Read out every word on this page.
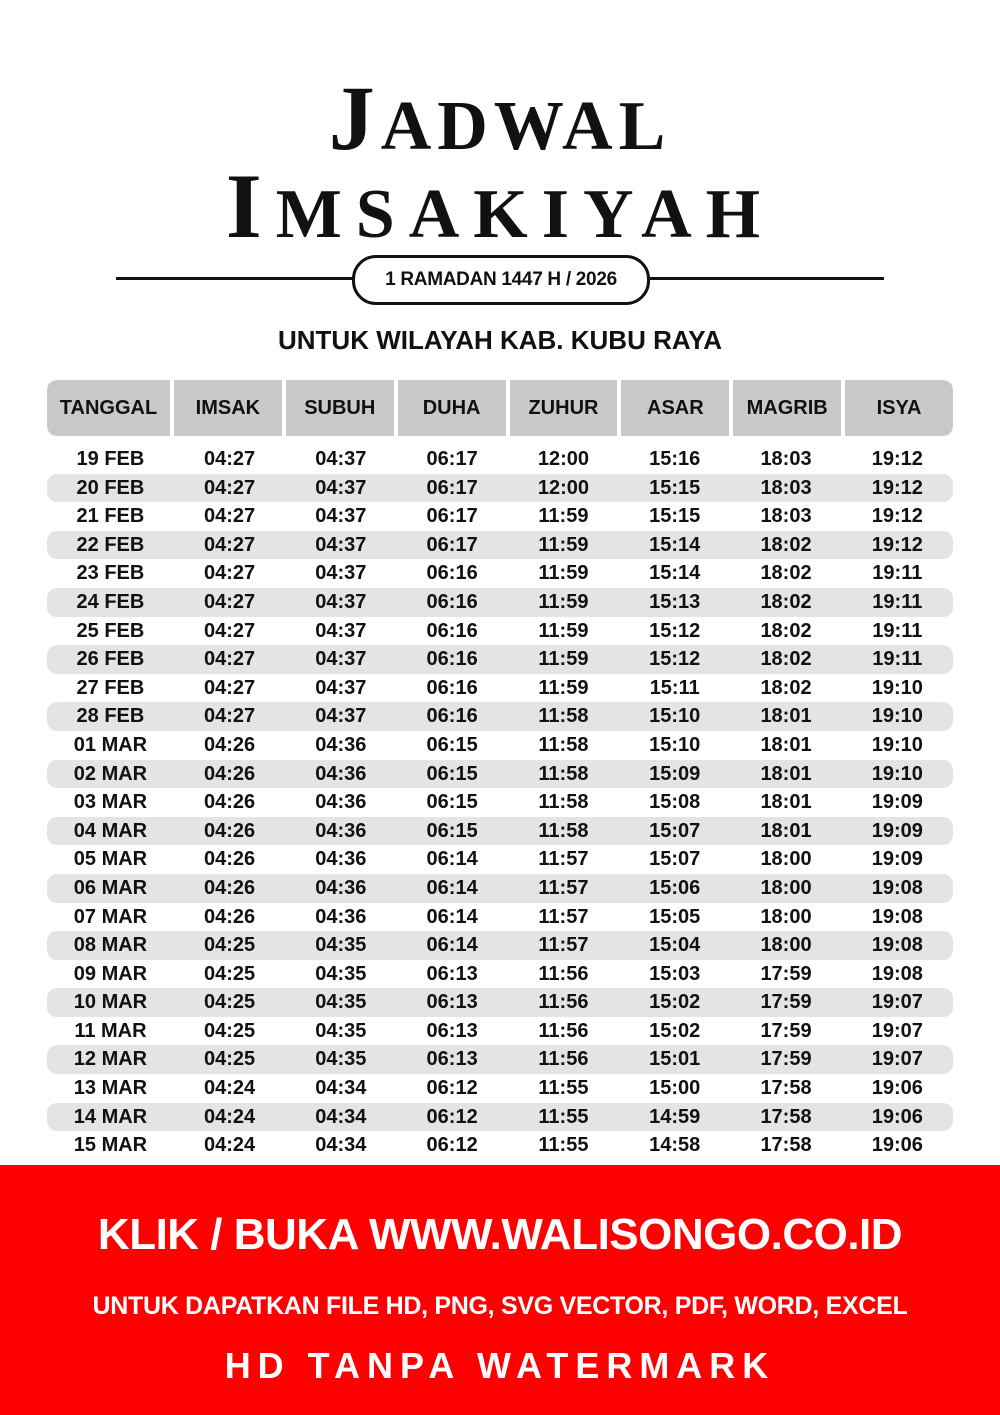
JADWAL
IMSAKIYAH
1 RAMADAN 1447 H / 2026
UNTUK WILAYAH KAB. KUBU RAYA
TANGGAL	IMSAK	SUBUH	DUHA	ZUHUR	ASAR	MAGRIB	ISYA
19 FEB	04:27	04:37	06:17	12:00	15:16	18:03	19:12
20 FEB	04:27	04:37	06:17	12:00	15:15	18:03	19:12
21 FEB	04:27	04:37	06:17	11:59	15:15	18:03	19:12
22 FEB	04:27	04:37	06:17	11:59	15:14	18:02	19:12
23 FEB	04:27	04:37	06:16	11:59	15:14	18:02	19:11
24 FEB	04:27	04:37	06:16	11:59	15:13	18:02	19:11
25 FEB	04:27	04:37	06:16	11:59	15:12	18:02	19:11
26 FEB	04:27	04:37	06:16	11:59	15:12	18:02	19:11
27 FEB	04:27	04:37	06:16	11:59	15:11	18:02	19:10
28 FEB	04:27	04:37	06:16	11:58	15:10	18:01	19:10
01 MAR	04:26	04:36	06:15	11:58	15:10	18:01	19:10
02 MAR	04:26	04:36	06:15	11:58	15:09	18:01	19:10
03 MAR	04:26	04:36	06:15	11:58	15:08	18:01	19:09
04 MAR	04:26	04:36	06:15	11:58	15:07	18:01	19:09
05 MAR	04:26	04:36	06:14	11:57	15:07	18:00	19:09
06 MAR	04:26	04:36	06:14	11:57	15:06	18:00	19:08
07 MAR	04:26	04:36	06:14	11:57	15:05	18:00	19:08
08 MAR	04:25	04:35	06:14	11:57	15:04	18:00	19:08
09 MAR	04:25	04:35	06:13	11:56	15:03	17:59	19:08
10 MAR	04:25	04:35	06:13	11:56	15:02	17:59	19:07
11 MAR	04:25	04:35	06:13	11:56	15:02	17:59	19:07
12 MAR	04:25	04:35	06:13	11:56	15:01	17:59	19:07
13 MAR	04:24	04:34	06:12	11:55	15:00	17:58	19:06
14 MAR	04:24	04:34	06:12	11:55	14:59	17:58	19:06
15 MAR	04:24	04:34	06:12	11:55	14:58	17:58	19:06
KLIK / BUKA WWW.WALISONGO.CO.ID
UNTUK DAPATKAN FILE HD, PNG, SVG VECTOR, PDF, WORD, EXCEL
HD TANPA WATERMARK
